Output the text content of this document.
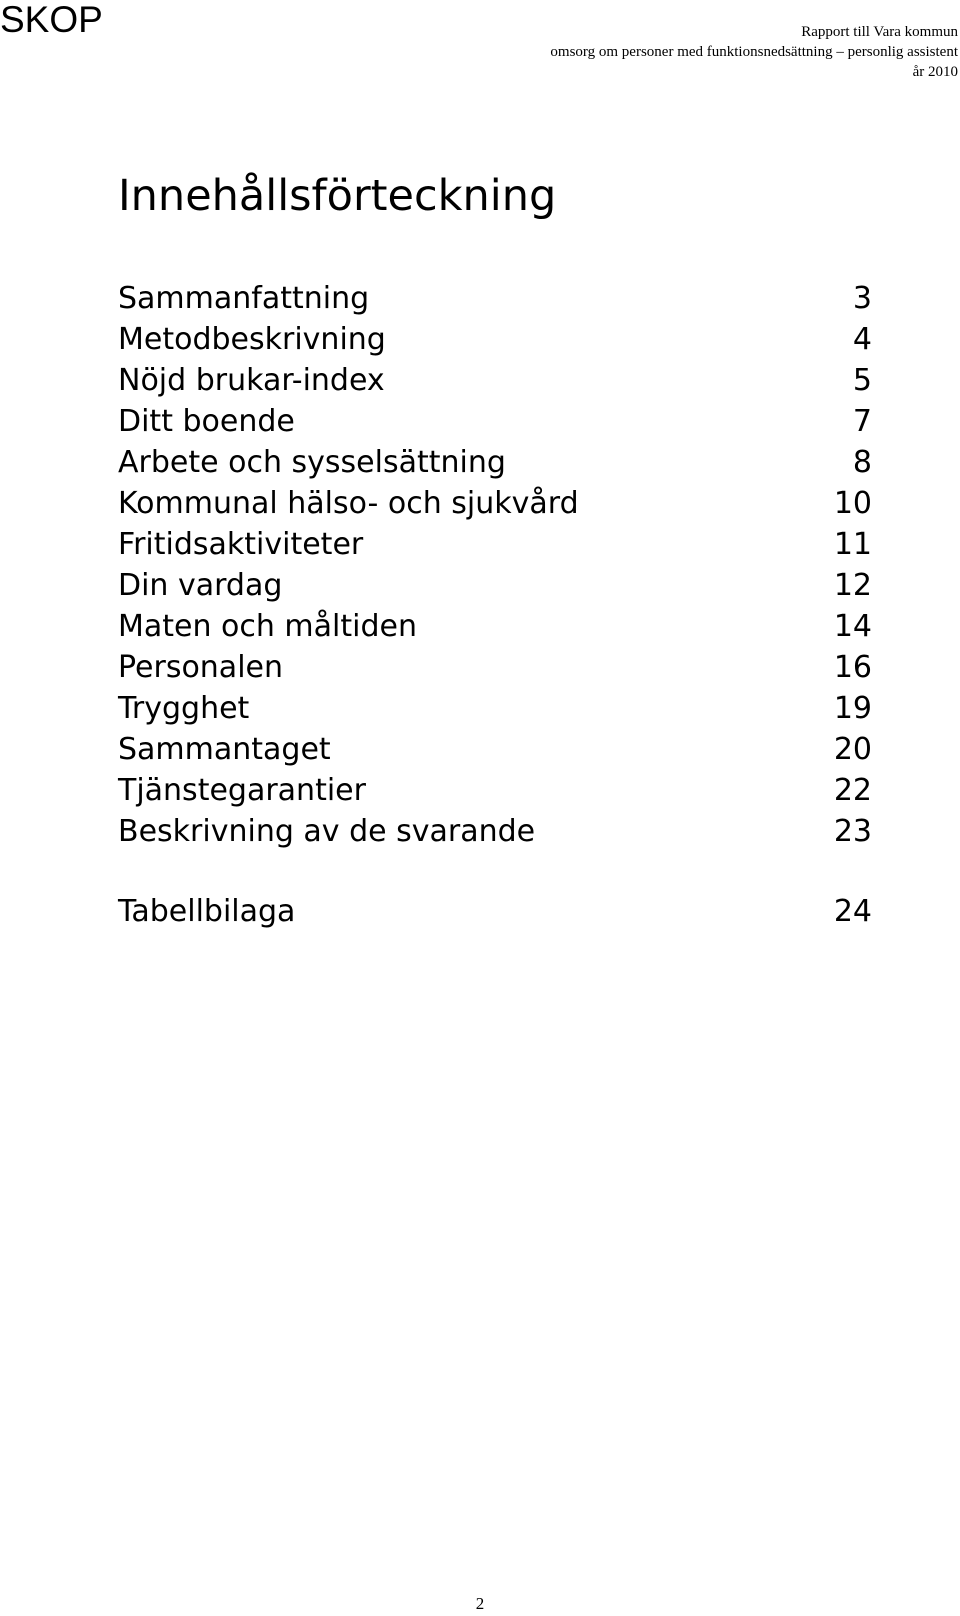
SKOP	Rapport till Vara kommun
omsorg om personer med funktionsnedsättning – personlig assistent
år 2010
Innehållsförteckning
Sammanfattning	3
Metodbeskrivning	4
Nöjd brukar-index	5
Ditt boende	7
Arbete och sysselsättning	8
Kommunal hälso- och sjukvård	10
Fritidsaktiviteter	11
Din vardag	12
Maten och måltiden	14
Personalen	16
Trygghet	19
Sammantaget	20
Tjänstegarantier	22
Beskrivning av de svarande	23
Tabellbilaga	24
2
